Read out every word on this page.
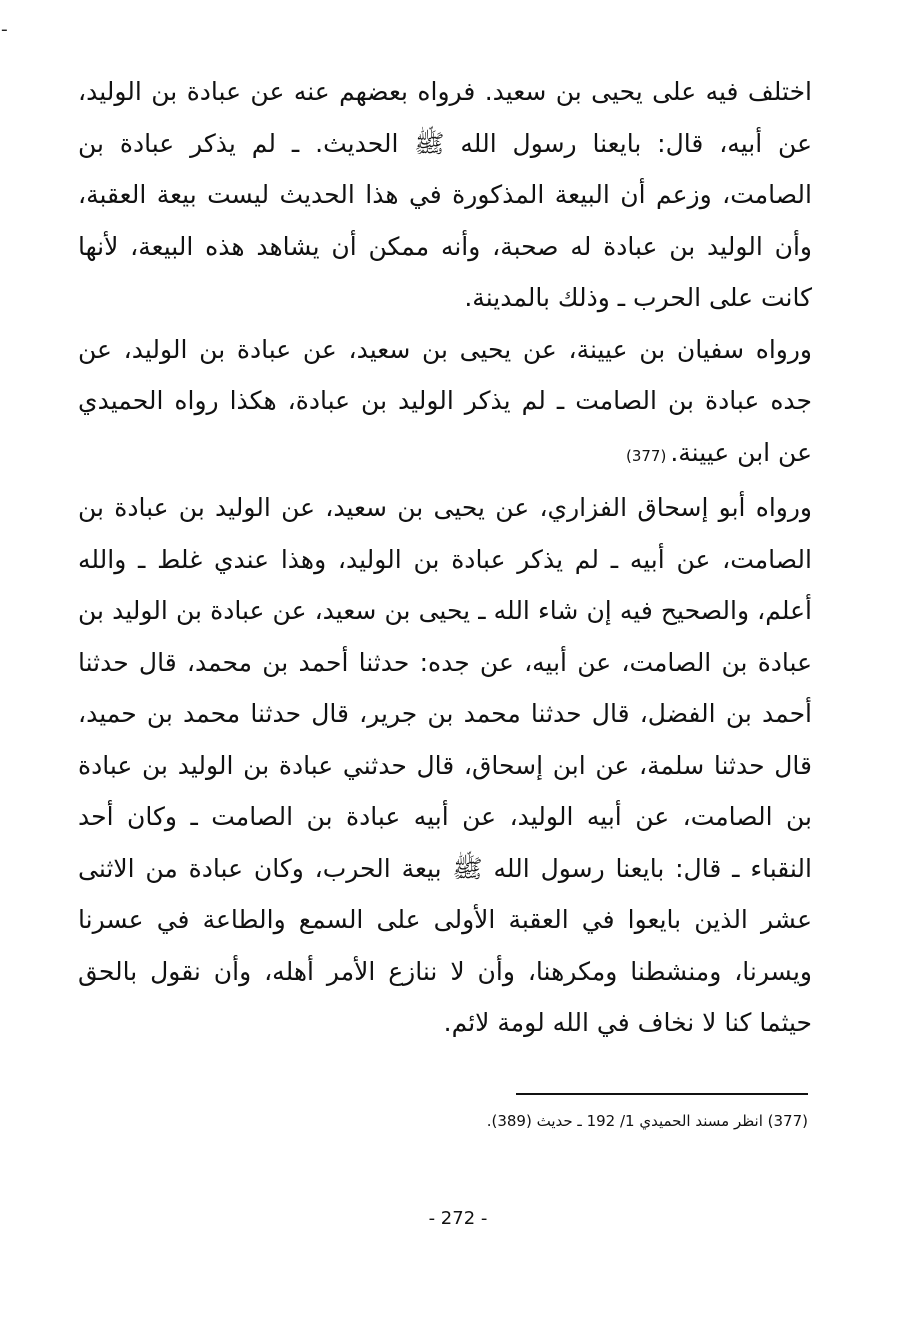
ـ

اختلف فيه على يحيى بن سعيد. فرواه بعضهم عنه عن عبادة بن الوليد، عن أبيه، قال: بايعنا رسول الله ﷺ الحديث. ـ لم يذكر عبادة بن الصامت، وزعم أن البيعة المذكورة في هذا الحديث ليست بيعة العقبة، وأن الوليد بن عبادة له صحبة، وأنه ممكن أن يشاهد هذه البيعة، لأنها كانت على الحرب ـ وذلك بالمدينة.

ورواه سفيان بن عيينة، عن يحيى بن سعيد، عن عبادة بن الوليد، عن جده عبادة بن الصامت ـ لم يذكر الوليد بن عبادة، هكذا رواه الحميدي عن ابن عيينة.(377)

ورواه أبو إسحاق الفزاري، عن يحيى بن سعيد، عن الوليد بن عبادة بن الصامت، عن أبيه ـ لم يذكر عبادة بن الوليد، وهذا عندي غلط ـ والله أعلم، والصحيح فيه إن شاء الله ـ يحيى بن سعيد، عن عبادة بن الوليد بن عبادة بن الصامت، عن أبيه، عن جده: حدثنا أحمد بن محمد، قال حدثنا أحمد بن الفضل، قال حدثنا محمد بن جرير، قال حدثنا محمد بن حميد، قال حدثنا سلمة، عن ابن إسحاق، قال حدثني عبادة بن الوليد بن عبادة بن الصامت، عن أبيه الوليد، عن أبيه عبادة بن الصامت ـ وكان أحد النقباء ـ قال: بايعنا رسول الله ﷺ بيعة الحرب، وكان عبادة من الاثنى عشر الذين بايعوا في العقبة الأولى على السمع والطاعة في عسرنا ويسرنا، ومنشطنا ومكرهنا، وأن لا ننازع الأمر أهله، وأن نقول بالحق حيثما كنا لا نخاف في الله لومة لائم.

(377) انظر مسند الحميدي 1/ 192 ـ حديث (389).
- 272 -
